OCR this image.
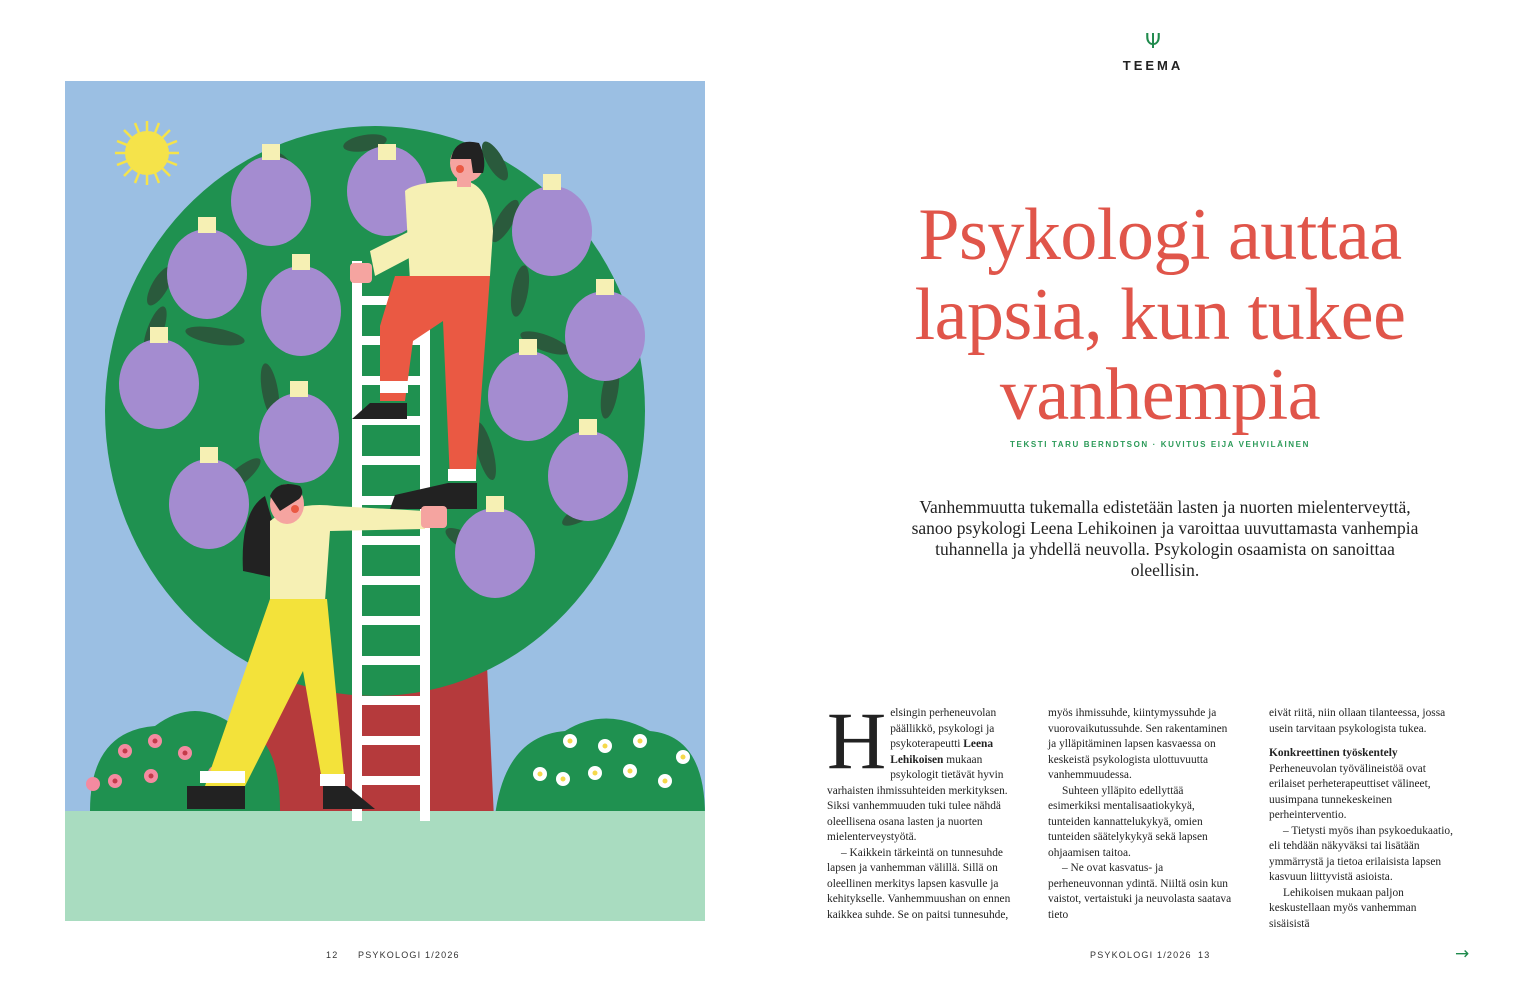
12 PSYKOLOGI 1/2026
Ψ
TEEMA
Psykologi auttaa lapsia, kun tukee vanhempia
TEKSTI TARU BERNDTSON · KUVITUS EIJA VEHVILÄINEN

Vanhemmuutta tukemalla edistetään lasten ja nuorten mielenterveyttä, sanoo psykologi Leena Lehikoinen ja varoittaa uuvuttamasta vanhempia tuhannella ja yhdellä neuvolla. Psykologin osaamista on sanoittaa oleellisin.

Helsingin perheneuvolan päällikkö, psykologi ja psykoterapeutti Leena Lehikoisen mukaan psykologit tietävät hyvin varhaisten ihmissuhteiden merkityksen. Siksi vanhemmuuden tuki tulee nähdä oleellisena osana lasten ja nuorten mielenterveystyötä.

– Kaikkein tärkeintä on tunnesuhde lapsen ja vanhemman välillä. Sillä on oleellinen merkitys lapsen kasvulle ja kehitykselle. Vanhemmuushan on ennen kaikkea suhde. Se on paitsi tunnesuhde,

myös ihmissuhde, kiintymyssuhde ja vuorovaikutussuhde. Sen rakentaminen ja ylläpitäminen lapsen kasvaessa on keskeistä psykologista ulottuvuutta vanhemmuudessa.

Suhteen ylläpito edellyttää esimerkiksi mentalisaatiokykyä, tunteiden kannattelukykyä, omien tunteiden säätelykykyä sekä lapsen ohjaamisen taitoa.

– Ne ovat kasvatus- ja perheneuvonnan ydintä. Niiltä osin kun vaistot, vertaistuki ja neuvolasta saatava tieto

eivät riitä, niin ollaan tilanteessa, jossa usein tarvitaan psykologista tukea.

Konkreettinen työskentely

Perheneuvolan työvälineistöä ovat erilaiset perheterapeuttiset välineet, uusimpana tunnekeskeinen perheinterventio.

– Tietysti myös ihan psykoedukaatio, eli tehdään näkyväksi tai lisätään ymmärrystä ja tietoa erilaisista lapsen kasvuun liittyvistä asioista.

Lehikoisen mukaan paljon keskustellaan myös vanhemman sisäisistä

PSYKOLOGI 1/2026 13	→
